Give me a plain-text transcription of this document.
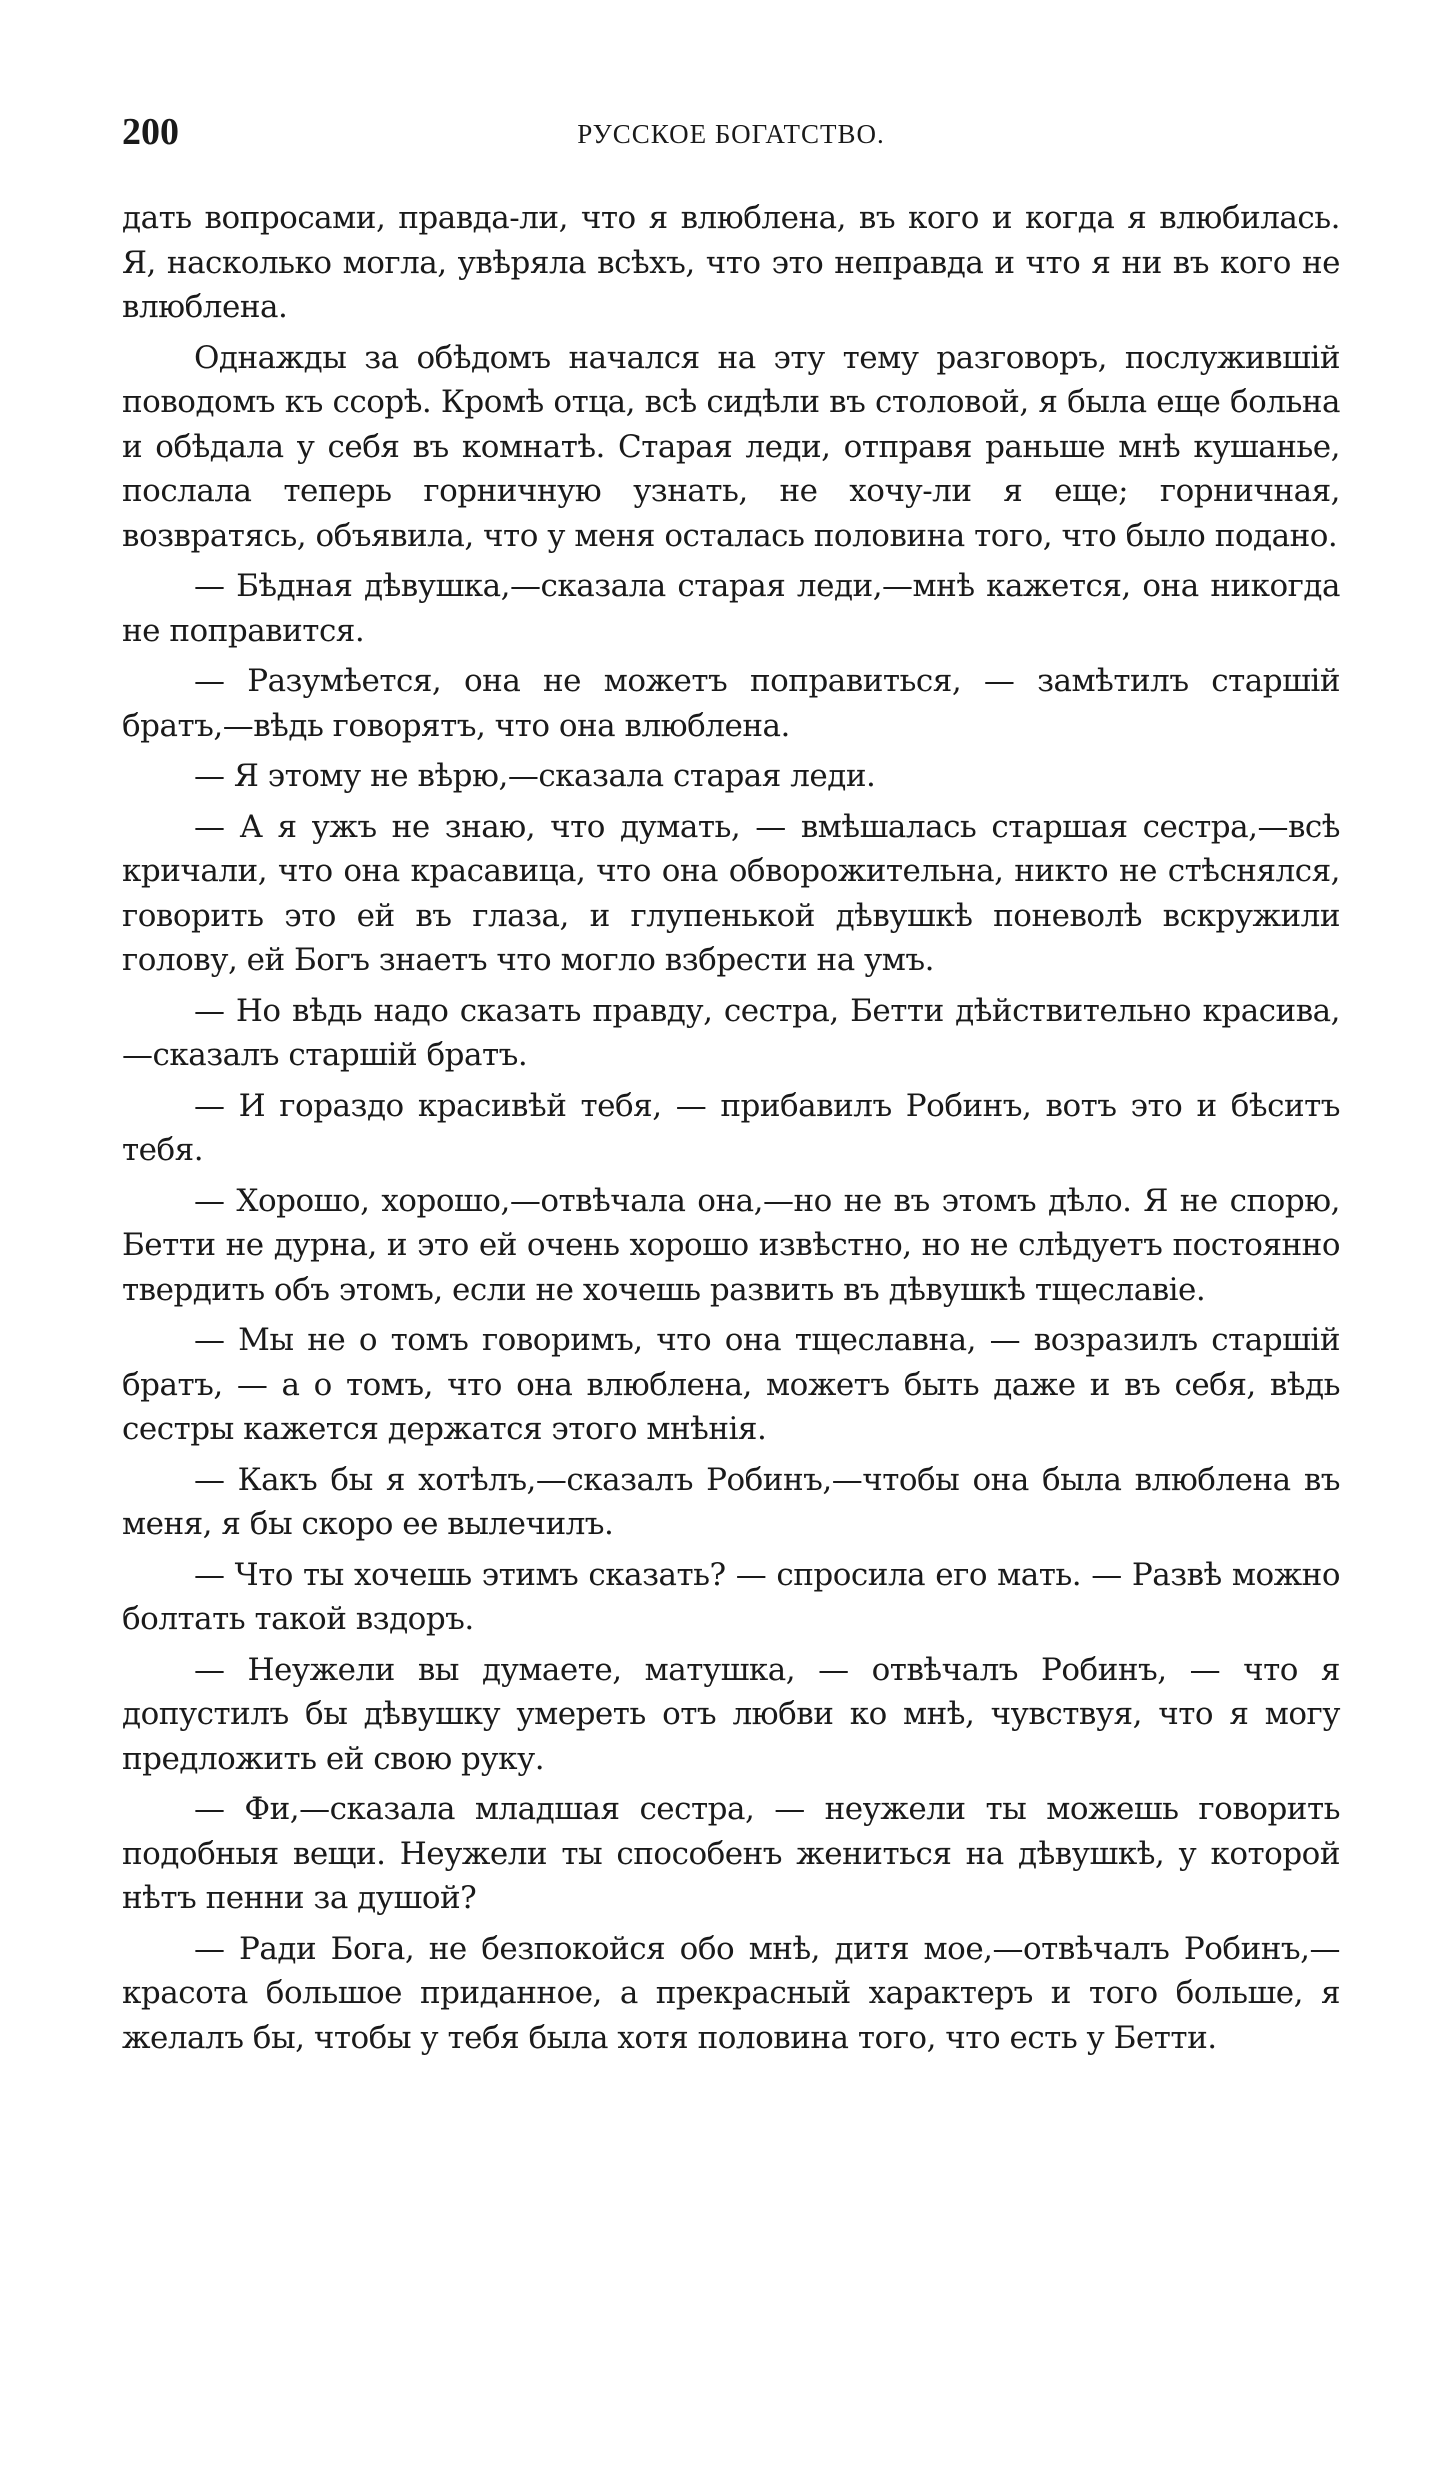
200	РУССКОЕ БОГАТСТВО.

дать вопросами, правда-ли, что я влюблена, въ кого и когда я влюбилась. Я, насколько могла, увѣряла всѣхъ, что это неправда и что я ни въ кого не влюблена.

Однажды за обѣдомъ начался на эту тему разговоръ, послужившій поводомъ къ ссорѣ. Кромѣ отца, всѣ сидѣли въ столовой, я была еще больна и обѣдала у себя въ комнатѣ. Старая леди, отправя раньше мнѣ кушанье, послала теперь горничную узнать, не хочу-ли я еще; горничная, возвратясь, объявила, что у меня осталась половина того, что было подано.

— Бѣдная дѣвушка,—сказала старая леди,—мнѣ кажется, она никогда не поправится.

— Разумѣется, она не можетъ поправиться, — замѣтилъ старшій братъ,—вѣдь говорятъ, что она влюблена.

— Я этому не вѣрю,—сказала старая леди.

— А я ужъ не знаю, что думать, — вмѣшалась старшая сестра,—всѣ кричали, что она красавица, что она обворожительна, никто не стѣснялся, говорить это ей въ глаза, и глупенькой дѣвушкѣ поневолѣ вскружили голову, ей Богъ знаетъ что могло взбрести на умъ.

— Но вѣдь надо сказать правду, сестра, Бетти дѣйствительно красива,—сказалъ старшій братъ.

— И гораздо красивѣй тебя, — прибавилъ Робинъ, вотъ это и бѣситъ тебя.

— Хорошо, хорошо,—отвѣчала она,—но не въ этомъ дѣло. Я не спорю, Бетти не дурна, и это ей очень хорошо извѣстно, но не слѣдуетъ постоянно твердить объ этомъ, если не хочешь развить въ дѣвушкѣ тщеславіе.

— Мы не о томъ говоримъ, что она тщеславна, — возразилъ старшій братъ, — а о томъ, что она влюблена, можетъ быть даже и въ себя, вѣдь сестры кажется держатся этого мнѣнія.

— Какъ бы я хотѣлъ,—сказалъ Робинъ,—чтобы она была влюблена въ меня, я бы скоро ее вылечилъ.

— Что ты хочешь этимъ сказать? — спросила его мать. — Развѣ можно болтать такой вздоръ.

— Неужели вы думаете, матушка, — отвѣчалъ Робинъ, — что я допустилъ бы дѣвушку умереть отъ любви ко мнѣ, чувствуя, что я могу предложить ей свою руку.

— Фи,—сказала младшая сестра, — неужели ты можешь говорить подобныя вещи. Неужели ты способенъ жениться на дѣвушкѣ, у которой нѣтъ пенни за душой?

— Ради Бога, не безпокойся обо мнѣ, дитя мое,—отвѣчалъ Робинъ,—красота большое приданное, а прекрасный характеръ и того больше, я желалъ бы, чтобы у тебя была хотя половина того, что есть у Бетти.
